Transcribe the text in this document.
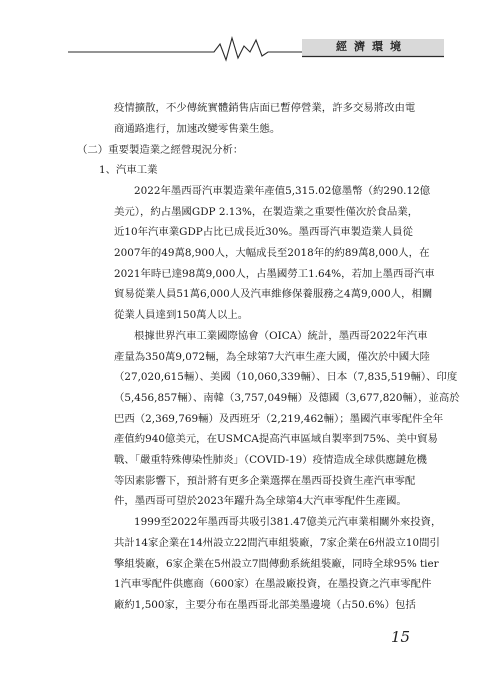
經濟環境
疫情擴散，不少傳統實體銷售店面已暫停營業，許多交易將改由電
商通路進行，加速改變零售業生態。
（二）重要製造業之經營現況分析：
1、汽車工業
2022年墨西哥汽車製造業年產值5,315.02億墨幣（約290.12億
美元），約占墨國GDP 2.13%，在製造業之重要性僅次於食品業，
近10年汽車業GDP占比已成長近30%。墨西哥汽車製造業人員從
2007年的49萬8,900人，大幅成長至2018年的約89萬8,000人，在
2021年時已達98萬9,000人，占墨國勞工1.64%，若加上墨西哥汽車
貿易從業人員51萬6,000人及汽車維修保養服務之4萬9,000人，相關
從業人員達到150萬人以上。
根據世界汽車工業國際協會（OICA）統計，墨西哥2022年汽車
產量為350萬9,072輛，為全球第7大汽車生產大國，僅次於中國大陸
（27,020,615輛）、美國（10,060,339輛）、日本（7,835,519輛）、印度
（5,456,857輛）、南韓（3,757,049輛）及德國（3,677,820輛），並高於
巴西（2,369,769輛）及西班牙（2,219,462輛）；墨國汽車零配件全年
產值約940億美元，在USMCA提高汽車區域自製率到75%、美中貿易
戰、「嚴重特殊傳染性肺炎」（COVID-19）疫情造成全球供應鏈危機
等因素影響下，預計將有更多企業選擇在墨西哥投資生產汽車零配
件，墨西哥可望於2023年躍升為全球第4大汽車零配件生產國。
1999至2022年墨西哥共吸引381.47億美元汽車業相關外來投資，
共計14家企業在14州設立22間汽車組裝廠，7家企業在6州設立10間引
擎組裝廠，6家企業在5州設立7間傳動系統組裝廠，同時全球95% tier
1汽車零配件供應商（600家）在墨設廠投資，在墨投資之汽車零配件
廠約1,500家，主要分布在墨西哥北部美墨邊境（占50.6%）包括
15
